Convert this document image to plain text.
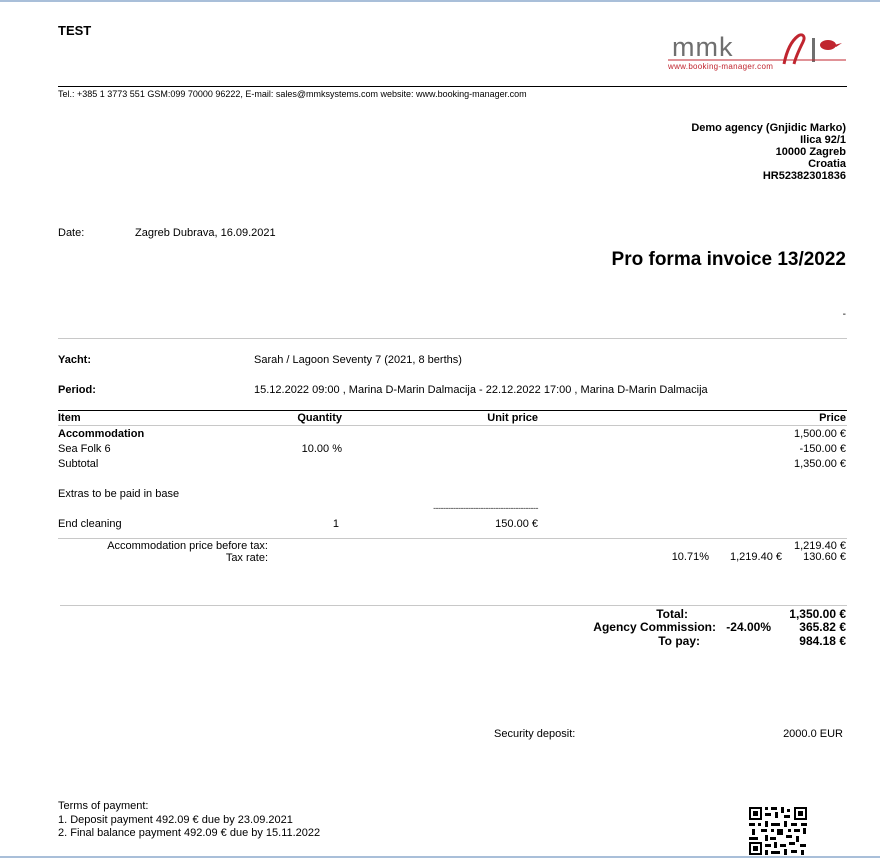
TEST
mmk
www.booking-manager.com
Tel.: +385 1 3773 551 GSM:099 70000 96222, E-mail: sales@mmksystems.com website: www.booking-manager.com
Demo agency (Gnjidic Marko)
Ilica 92/1
10000 Zagreb
Croatia
HR52382301836
Date:	Zagreb Dubrava, 16.09.2021
Pro forma invoice 13/2022
-
Yacht:	Sarah / Lagoon Seventy 7 (2021, 8 berths)
Period:	15.12.2022 09:00 , Marina D-Marin Dalmacija - 22.12.2022 17:00 , Marina D-Marin Dalmacija
Item	Quantity	Unit price	Price
Accommodation	1,500.00 €
Sea Folk 6	10.00 %	-150.00 €
Subtotal	1,350.00 €
Extras to be paid in base
------------------------------------------
End cleaning	1	150.00 €
Accommodation price before tax:	1,219.40 €
Tax rate:	10.71% 1,219.40 € 130.60 €
Total:	1,350.00 €
Agency Commission: -24.00% 365.82 €
To pay:	984.18 €
Security deposit:	2000.0 EUR
Terms of payment:
1. Deposit payment 492.09 € due by 23.09.2021
2. Final balance payment 492.09 € due by 15.11.2022
